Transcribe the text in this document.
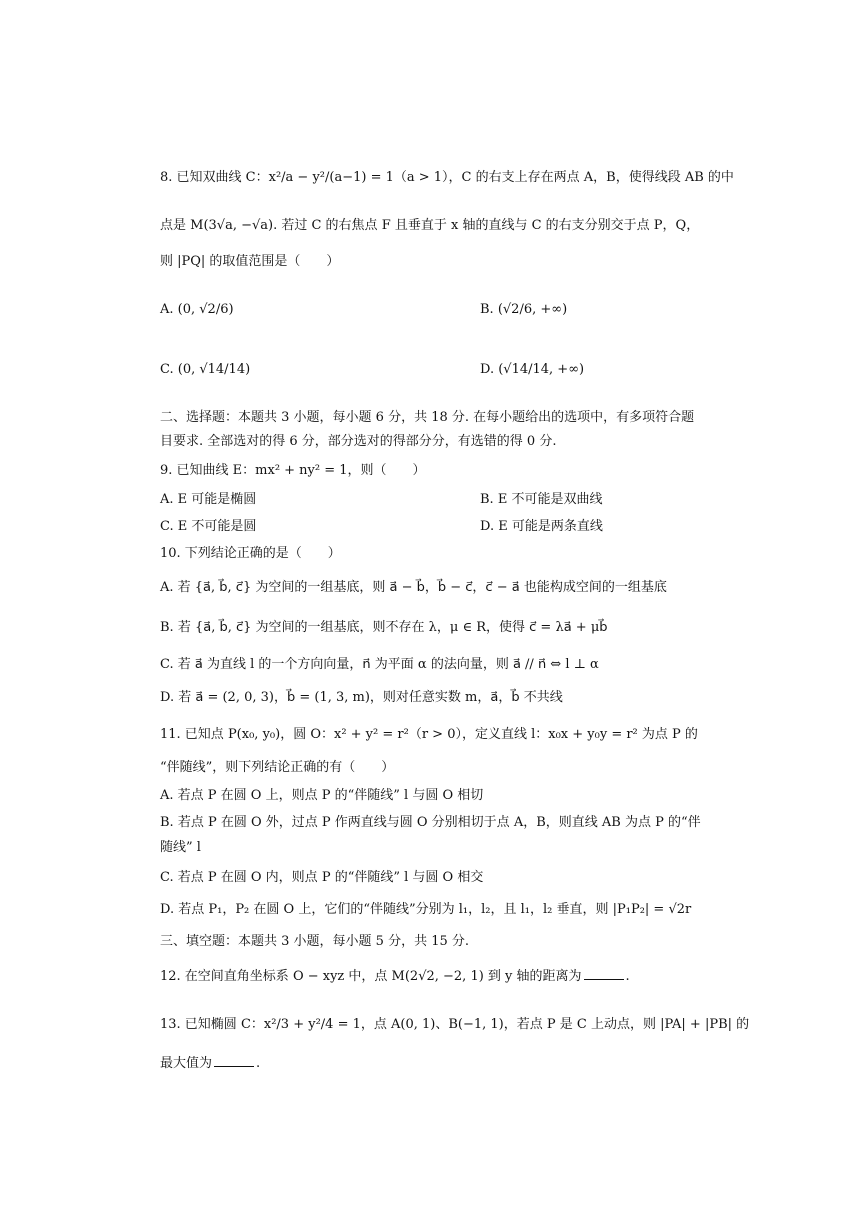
8. 已知双曲线 C：x²/a − y²/(a−1) = 1（a > 1），C 的右支上存在两点 A，B，使得线段 AB 的中
点是 M(3√a, −√a). 若过 C 的右焦点 F 且垂直于 x 轴的直线与 C 的右支分别交于点 P，Q，
则 |PQ| 的取值范围是（　　）
A. (0, √2/6)	B. (√2/6, +∞)
C. (0, √14/14)	D. (√14/14, +∞)
二、选择题：本题共 3 小题，每小题 6 分，共 18 分. 在每小题给出的选项中，有多项符合题
目要求. 全部选对的得 6 分，部分选对的得部分分，有选错的得 0 分.
9. 已知曲线 E：mx² + ny² = 1，则（　　）
A. E 可能是椭圆	B. E 不可能是双曲线
C. E 不可能是圆	D. E 可能是两条直线
10. 下列结论正确的是（　　）
A. 若 {a⃗, b⃗, c⃗} 为空间的一组基底，则 a⃗ − b⃗，b⃗ − c⃗，c⃗ − a⃗ 也能构成空间的一组基底
B. 若 {a⃗, b⃗, c⃗} 为空间的一组基底，则不存在 λ，μ ∈ R，使得 c⃗ = λa⃗ + μb⃗
C. 若 a⃗ 为直线 l 的一个方向向量，n⃗ 为平面 α 的法向量，则 a⃗ // n⃗ ⇔ l ⊥ α
D. 若 a⃗ = (2, 0, 3)，b⃗ = (1, 3, m)，则对任意实数 m，a⃗，b⃗ 不共线
11. 已知点 P(x₀, y₀)，圆 O：x² + y² = r²（r > 0），定义直线 l：x₀x + y₀y = r² 为点 P 的
“伴随线”，则下列结论正确的有（　　）
A. 若点 P 在圆 O 上，则点 P 的“伴随线” l 与圆 O 相切
B. 若点 P 在圆 O 外，过点 P 作两直线与圆 O 分别相切于点 A，B，则直线 AB 为点 P 的“伴
随线” l
C. 若点 P 在圆 O 内，则点 P 的“伴随线” l 与圆 O 相交
D. 若点 P₁，P₂ 在圆 O 上，它们的“伴随线”分别为 l₁，l₂，且 l₁，l₂ 垂直，则 |P₁P₂| = √2r
三、填空题：本题共 3 小题，每小题 5 分，共 15 分.
12. 在空间直角坐标系 O − xyz 中，点 M(2√2, −2, 1) 到 y 轴的距离为	.
13. 已知椭圆 C：x²/3 + y²/4 = 1，点 A(0, 1)、B(−1, 1)，若点 P 是 C 上动点，则 |PA| + |PB| 的
最大值为	.
